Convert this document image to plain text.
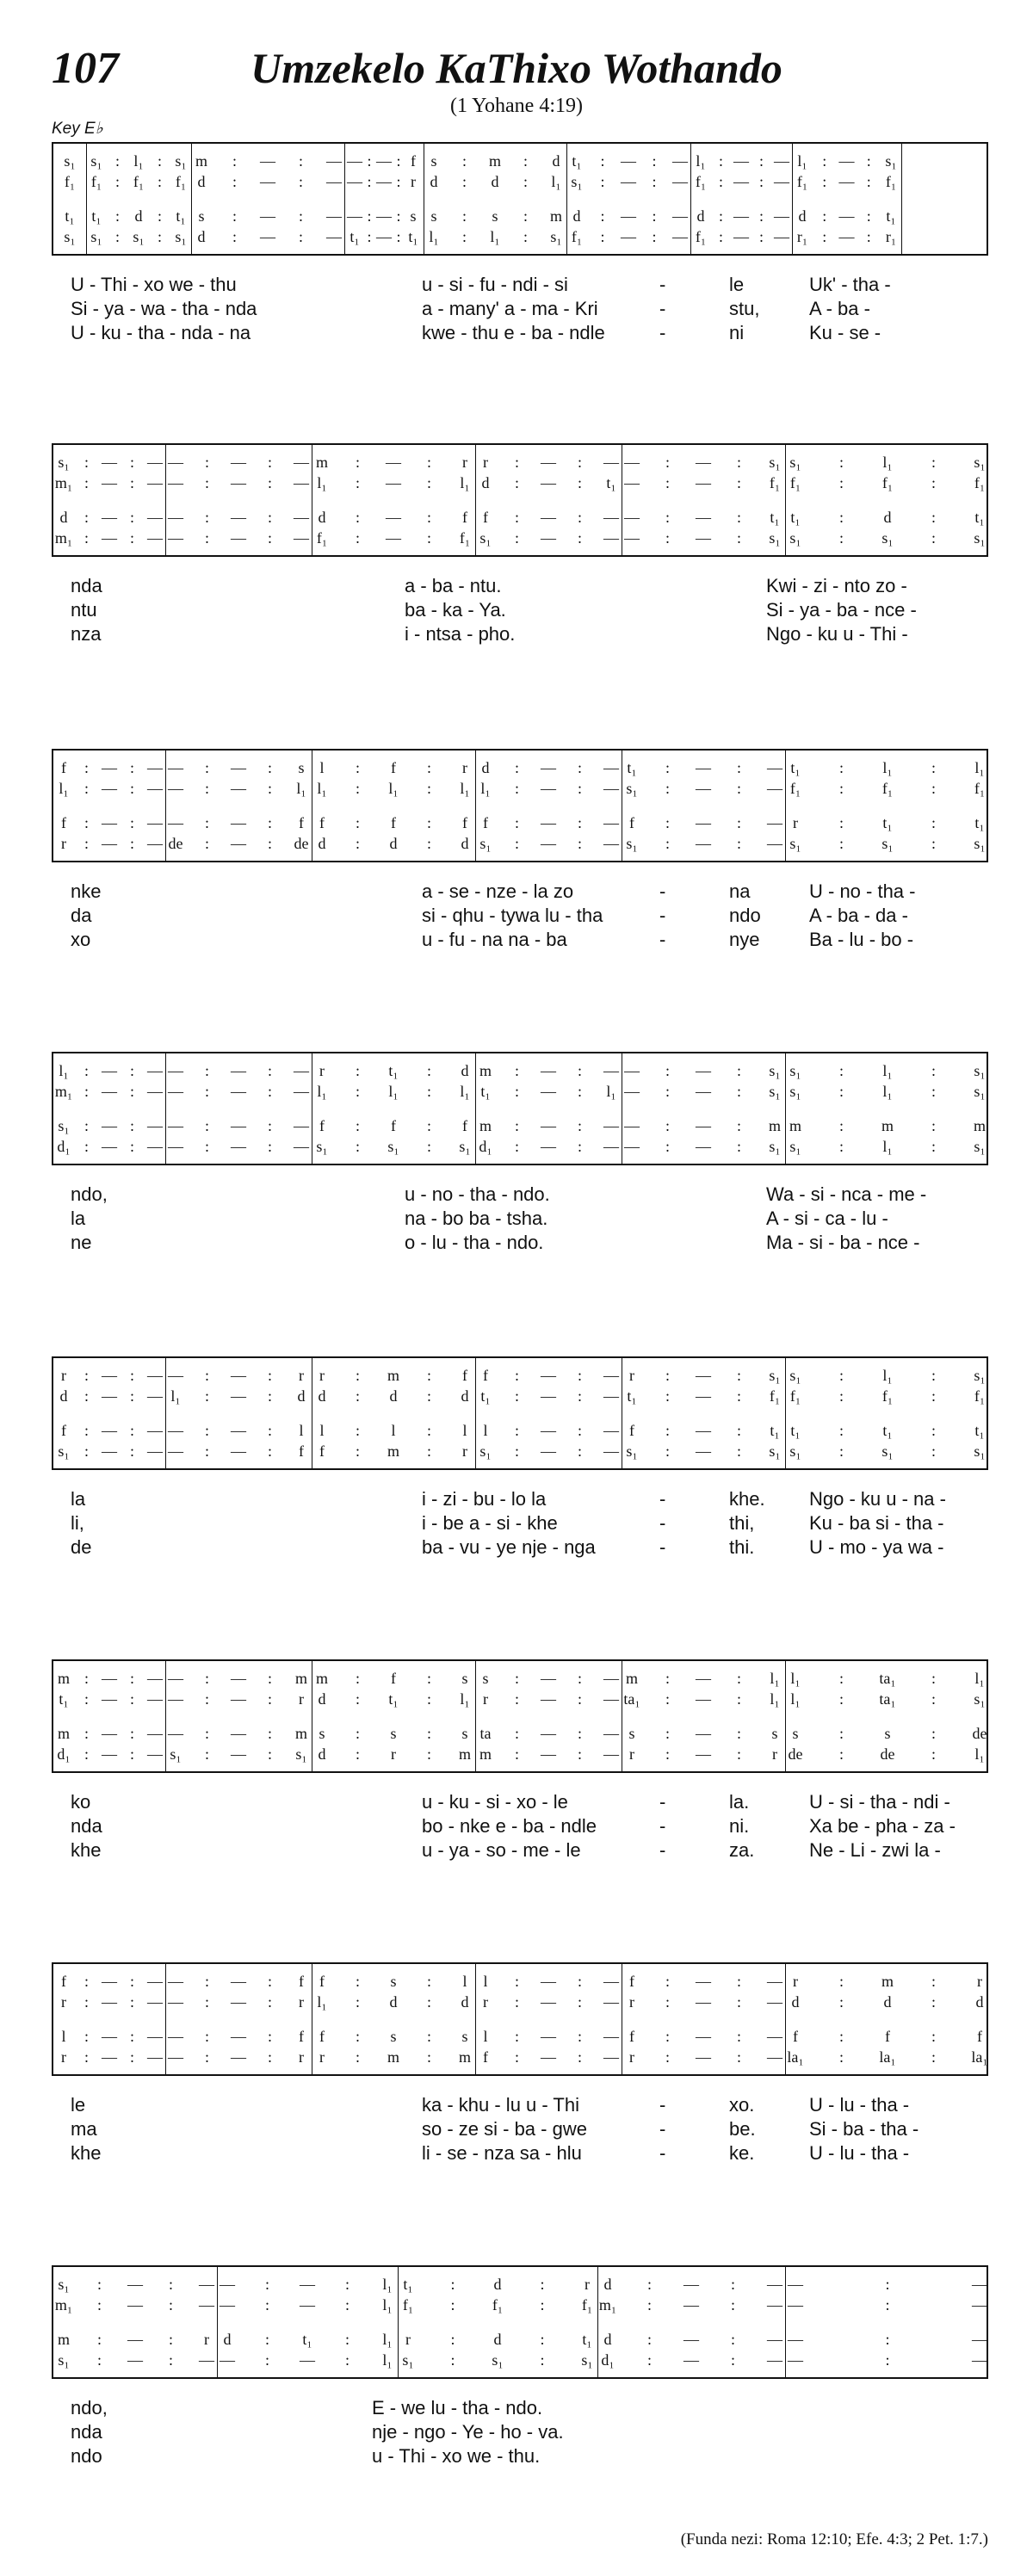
107	Umzekelo KaThixo Wothando
(1 Yohane 4:19)
Key E♭
s₁ s₁ : l₁ : s₁ m : — : — — : — : f s : m : d t₁ : — : — l₁ : — : — l₁ : — : s₁
f₁ f₁ : f₁ : f₁ d : — : — — : — : r d : d : l₁ s₁ : — : — f₁ : — : — f₁ : — : f₁
t₁ t₁ : d : t₁ s : — : — — : — : s s : s : m d : — : — d : — : — d : — : t₁
s₁ s₁ : s₁ : s₁ d : — : — t₁ : — : t₁ l₁ : l₁ : s₁ f₁ : — : — f₁ : — : — r₁ : — : r₁
U - Thi - xo we - thu	u - si - fu - ndi - si	-	le	Uk' - tha -
Si - ya - wa - tha - nda	a - many' a - ma - Kri	-	stu,	A - ba -
U - ku - tha - nda - na	kwe - thu e - ba - ndle	-	ni	Ku - se -
s₁ : — : — — : — : — m : — : r r : — : — — : — : s₁ s₁ :	l₁	: s₁
m₁ : — : — — : — : — l₁ : — : l₁ d : — : t₁ — : — : f₁ f₁ : f₁ : f₁
d : — : — — : — : — d : — : f f : — : — — : — : t₁ t₁	:	d	:	t₁
m₁ : — : — — : — : — f₁ : — : f₁ s₁ : — : — — : — : s₁ s₁ : s₁ : s₁
nda	a - ba - ntu.	Kwi - zi - nto zo -
ntu	ba - ka - Ya.	Si - ya - ba - nce -
nza	i - ntsa - pho.	Ngo - ku u - Thi -
f : — : — — : — : s l : f : r d : — : — t₁ : — : — t₁	:	l₁	:	l₁
l₁ : — : — — : — : l₁ l₁ : l₁ : l₁ l₁ : — : — s₁ : — : — f₁ : f₁ : f₁
f : — : — — : — : f f : f : f f : — : — f : — : — r	:	t₁	:	t₁
r : — : — de : — : de d : d : d s₁ : — : — s₁ : — : — s₁ : s₁ : s₁
nke	a - se - nze - la zo	-	na	U - no - tha -
da	si - qhu - tywa lu - tha	-	ndo	A - ba - da -
xo	u - fu - na na - ba	-	nye	Ba - lu - bo -
l₁ : — : — — : — : — r : t₁ : d m : — : — — : — : s₁ s₁ :	l₁	: s₁
m₁ : — : — — : — : — l₁ : l₁ : l₁ t₁ : — : l₁ — : — : s₁ s₁ :	l₁	: s₁
s₁ : — : — — : — : — f : f : f m : — : — — : — : m m : m : m
d₁ : — : — — : — : — s₁ : s₁ : s₁ d₁ : — : — — : — : s₁ s₁ :	l₁	: s₁
ndo,	u - no - tha - ndo.	Wa - si - nca - me -
la	na - bo ba - tsha.	A - si - ca - lu -
ne	o - lu - tha - ndo.	Ma - si - ba - nce -
r : — : — — : — : r r : m : f f : — : — r : — : s₁ s₁ :	l₁	: s₁
d : — : — l₁ : — : d d : d : d t₁ : — : — t₁ : — : f₁ f₁ : f₁ : f₁
f : — : — — : — : l l : l : l l : — : — f : — : t₁ t₁	:	t₁	:	t₁
s₁ : — : — — : — : f f : m : r s₁ : — : — s₁ : — : s₁ s₁ : s₁ : s₁
la	i - zi - bu - lo la	-	khe. Ngo - ku u - na -
li,	i - be a - si - khe	-	thi,	Ku - ba si - tha -
de	ba - vu - ye nje - nga	-	thi.	U - mo - ya wa -
m : — : — — : — : m m : f : s s : — : — m : — : l₁ l₁	: ta₁ :	l₁
t₁ : — : — — : — : r d : t₁ : l₁ r : — : — ta₁ : — : l₁ l₁	: ta₁ : s₁
m : — : — — : — : m s : s : s ta : — : — s : — : s s	:	s	: de
d₁ : — : — s₁ : — : s₁ d : r : m m : — : — r : — : r de : de :	l₁
ko	u - ku - si - xo - le	-	la.	U - si - tha - ndi -
nda	bo - nke e - ba - ndle	-	ni.	Xa be - pha - za -
khe	u - ya - so - me - le	-	za.	Ne - Li - zwi la -
f : — : — — : — : f f : s : l l : — : — f : — : — r	: m :	r
r : — : — — : — : r l₁ : d : d r : — : — r : — : — d	:	d	:	d
l : — : — — : — : f f : s : s l : — : — f : — : — f	:	f	:	f
r : — : — — : — : r r : m : m f : — : — r : — : — la₁ : la₁ : la₁
le	ka - khu - lu u - Thi	-	xo.	U - lu - tha -
ma	so - ze si - ba - gwe	-	be.	Si - ba - tha -
khe	li - se - nza sa - hlu	-	ke.	U - lu - tha -
s₁ : — : — — : — : l₁ t₁ : d :	r d : — : — —	:	—
m₁ : — : — — : — : l₁ f₁ : f₁ : f₁ m₁ : — : — —	:	—
m : — : r d : t₁ : l₁ r	: d : t₁ d : — : — —	:	—
s₁ : — : — — : — : l₁ s₁ : s₁ : s₁ d₁ : — : — —	:	—
ndo,	E - we lu - tha - ndo.
nda	nje - ngo - Ye - ho - va.
ndo	u - Thi - xo we - thu.
(Funda nezi: Roma 12:10; Efe. 4:3; 2 Pet. 1:7.)
